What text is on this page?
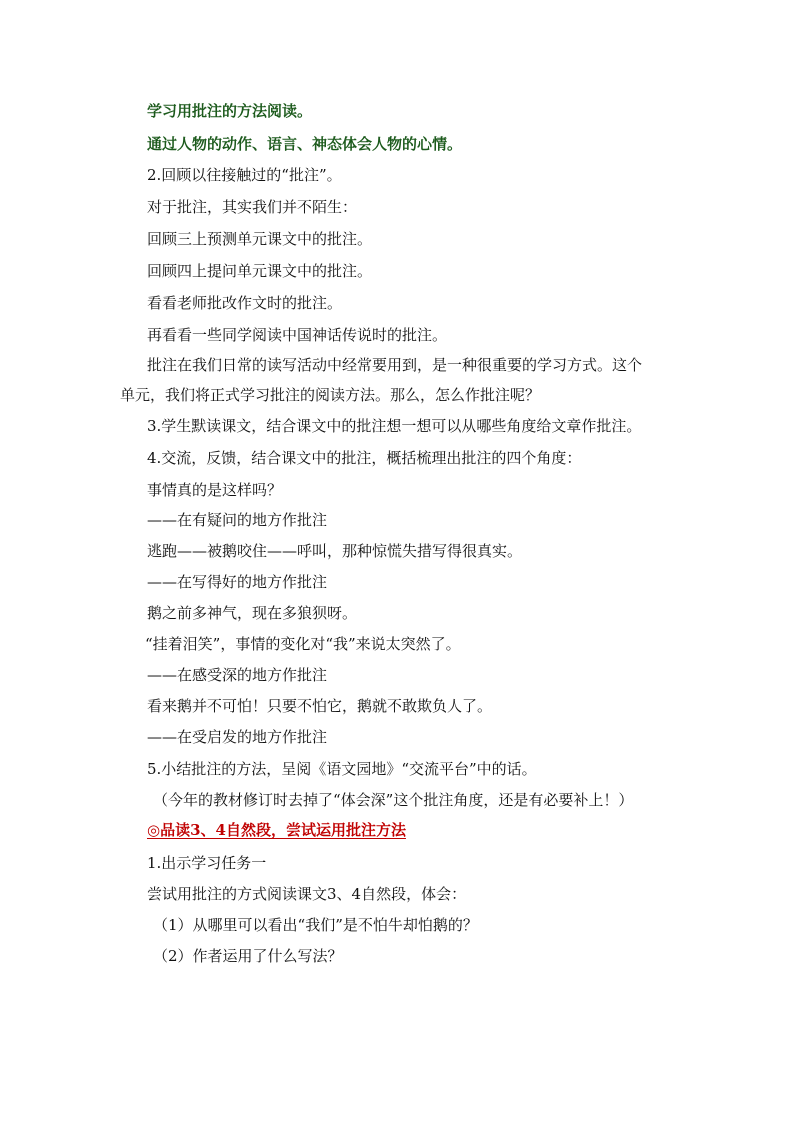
学习用批注的方法阅读。
通过人物的动作、语言、神态体会人物的心情。
2.回顾以往接触过的“批注”。
对于批注，其实我们并不陌生：
回顾三上预测单元课文中的批注。
回顾四上提问单元课文中的批注。
看看老师批改作文时的批注。
再看看一些同学阅读中国神话传说时的批注。
批注在我们日常的读写活动中经常要用到，是一种很重要的学习方式。这个
单元，我们将正式学习批注的阅读方法。那么，怎么作批注呢？
3.学生默读课文，结合课文中的批注想一想可以从哪些角度给文章作批注。
4.交流，反馈，结合课文中的批注，概括梳理出批注的四个角度：
事情真的是这样吗？
——在有疑问的地方作批注
逃跑——被鹅咬住——呼叫，那种惊慌失措写得很真实。
——在写得好的地方作批注
鹅之前多神气，现在多狼狈呀。
“挂着泪笑”，事情的变化对“我”来说太突然了。
——在感受深的地方作批注
看来鹅并不可怕！只要不怕它，鹅就不敢欺负人了。
——在受启发的地方作批注
5.小结批注的方法，呈阅《语文园地》“交流平台”中的话。
（今年的教材修订时去掉了“体会深”这个批注角度，还是有必要补上！）
◎品读3、4自然段，尝试运用批注方法
1.出示学习任务一
尝试用批注的方式阅读课文3、4自然段，体会：
（1）从哪里可以看出“我们”是不怕牛却怕鹅的？
（2）作者运用了什么写法？
